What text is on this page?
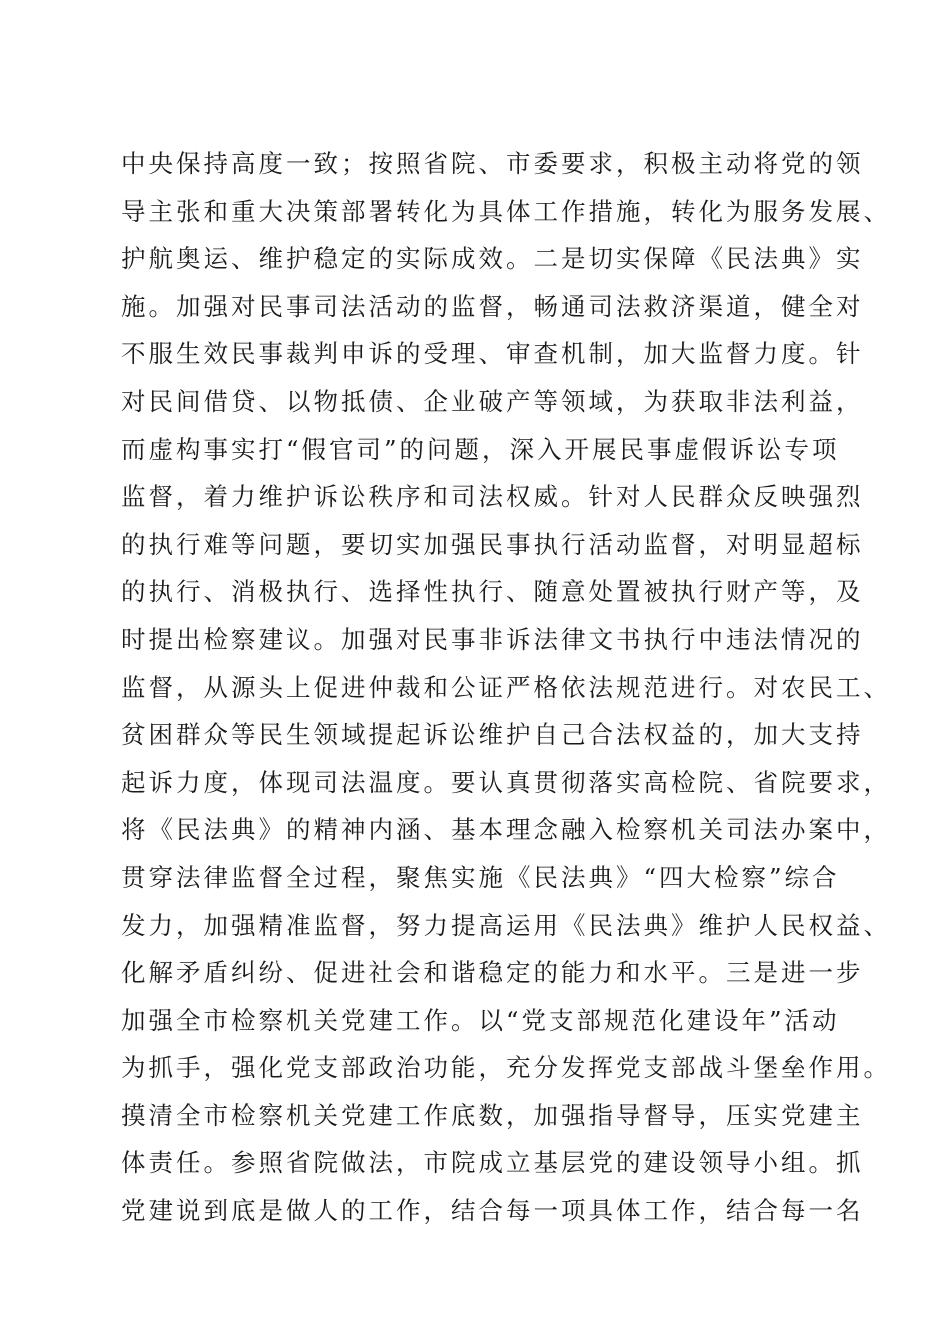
中央保持高度一致；按照省院、市委要求，积极主动将党的领
导主张和重大决策部署转化为具体工作措施，转化为服务发展、
护航奥运、维护稳定的实际成效。二是切实保障《民法典》实
施。加强对民事司法活动的监督，畅通司法救济渠道，健全对
不服生效民事裁判申诉的受理、审查机制，加大监督力度。针
对民间借贷、以物抵债、企业破产等领域，为获取非法利益，
而虚构事实打“假官司”的问题，深入开展民事虚假诉讼专项
监督，着力维护诉讼秩序和司法权威。针对人民群众反映强烈
的执行难等问题，要切实加强民事执行活动监督，对明显超标
的执行、消极执行、选择性执行、随意处置被执行财产等，及
时提出检察建议。加强对民事非诉法律文书执行中违法情况的
监督，从源头上促进仲裁和公证严格依法规范进行。对农民工、
贫困群众等民生领域提起诉讼维护自己合法权益的，加大支持
起诉力度，体现司法温度。要认真贯彻落实高检院、省院要求，
将《民法典》的精神内涵、基本理念融入检察机关司法办案中，
贯穿法律监督全过程，聚焦实施《民法典》“四大检察”综合
发力，加强精准监督，努力提高运用《民法典》维护人民权益、
化解矛盾纠纷、促进社会和谐稳定的能力和水平。三是进一步
加强全市检察机关党建工作。以“党支部规范化建设年”活动
为抓手，强化党支部政治功能，充分发挥党支部战斗堡垒作用。
摸清全市检察机关党建工作底数，加强指导督导，压实党建主
体责任。参照省院做法，市院成立基层党的建设领导小组。抓
党建说到底是做人的工作，结合每一项具体工作，结合每一名
